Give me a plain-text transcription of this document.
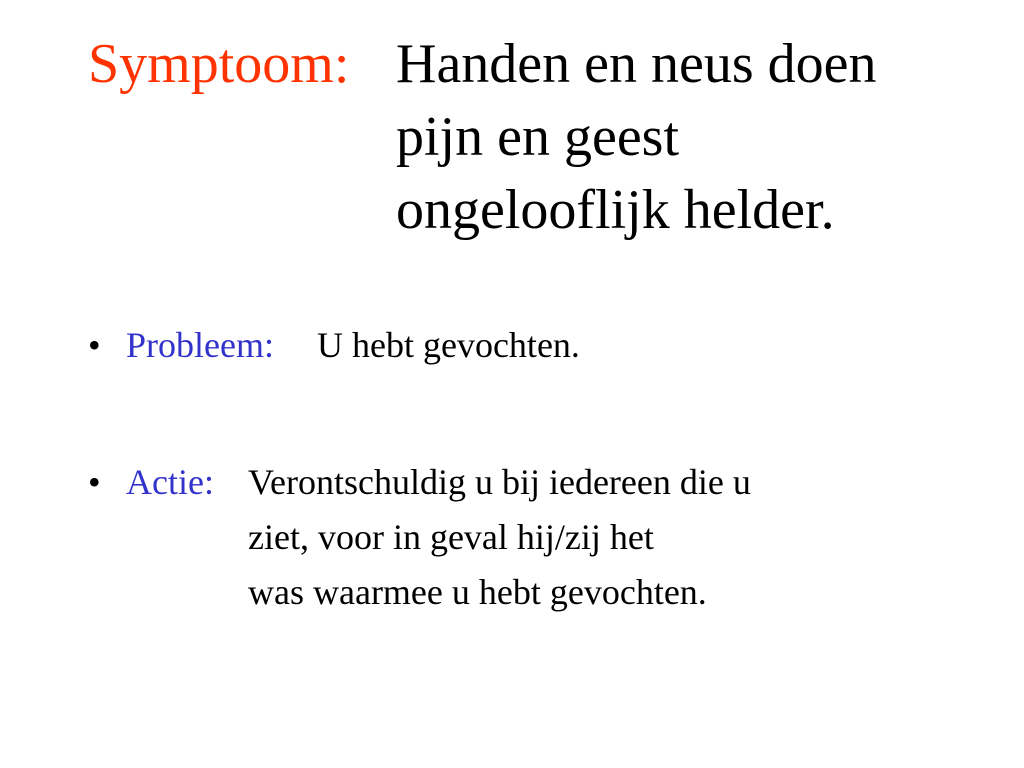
Symptoom: Handen en neus doen
pijn en geest
ongelooflijk helder.
• Probleem: U hebt gevochten.
• Actie: Verontschuldig u bij iedereen die u
ziet, voor in geval hij/zij het
was waarmee u hebt gevochten.
